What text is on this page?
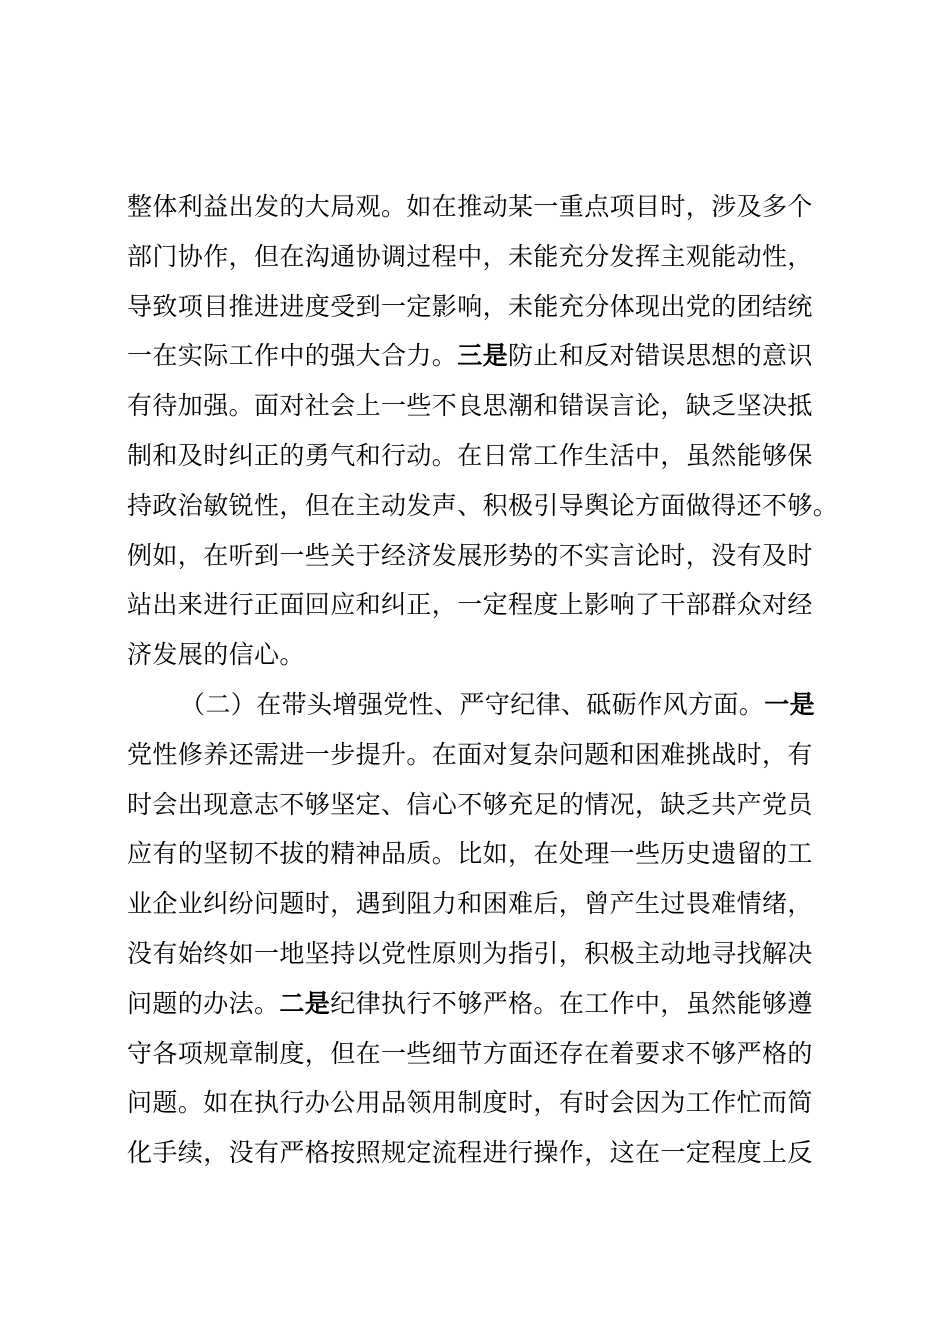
整体利益出发的大局观。如在推动某一重点项目时，涉及多个
部门协作，但在沟通协调过程中，未能充分发挥主观能动性，
导致项目推进进度受到一定影响，未能充分体现出党的团结统
一在实际工作中的强大合力。三是防止和反对错误思想的意识
有待加强。面对社会上一些不良思潮和错误言论，缺乏坚决抵
制和及时纠正的勇气和行动。在日常工作生活中，虽然能够保
持政治敏锐性，但在主动发声、积极引导舆论方面做得还不够。
例如，在听到一些关于经济发展形势的不实言论时，没有及时
站出来进行正面回应和纠正，一定程度上影响了干部群众对经
济发展的信心。
（二）在带头增强党性、严守纪律、砥砺作风方面。一是
党性修养还需进一步提升。在面对复杂问题和困难挑战时，有
时会出现意志不够坚定、信心不够充足的情况，缺乏共产党员
应有的坚韧不拔的精神品质。比如，在处理一些历史遗留的工
业企业纠纷问题时，遇到阻力和困难后，曾产生过畏难情绪，
没有始终如一地坚持以党性原则为指引，积极主动地寻找解决
问题的办法。二是纪律执行不够严格。在工作中，虽然能够遵
守各项规章制度，但在一些细节方面还存在着要求不够严格的
问题。如在执行办公用品领用制度时，有时会因为工作忙而简
化手续，没有严格按照规定流程进行操作，这在一定程度上反
